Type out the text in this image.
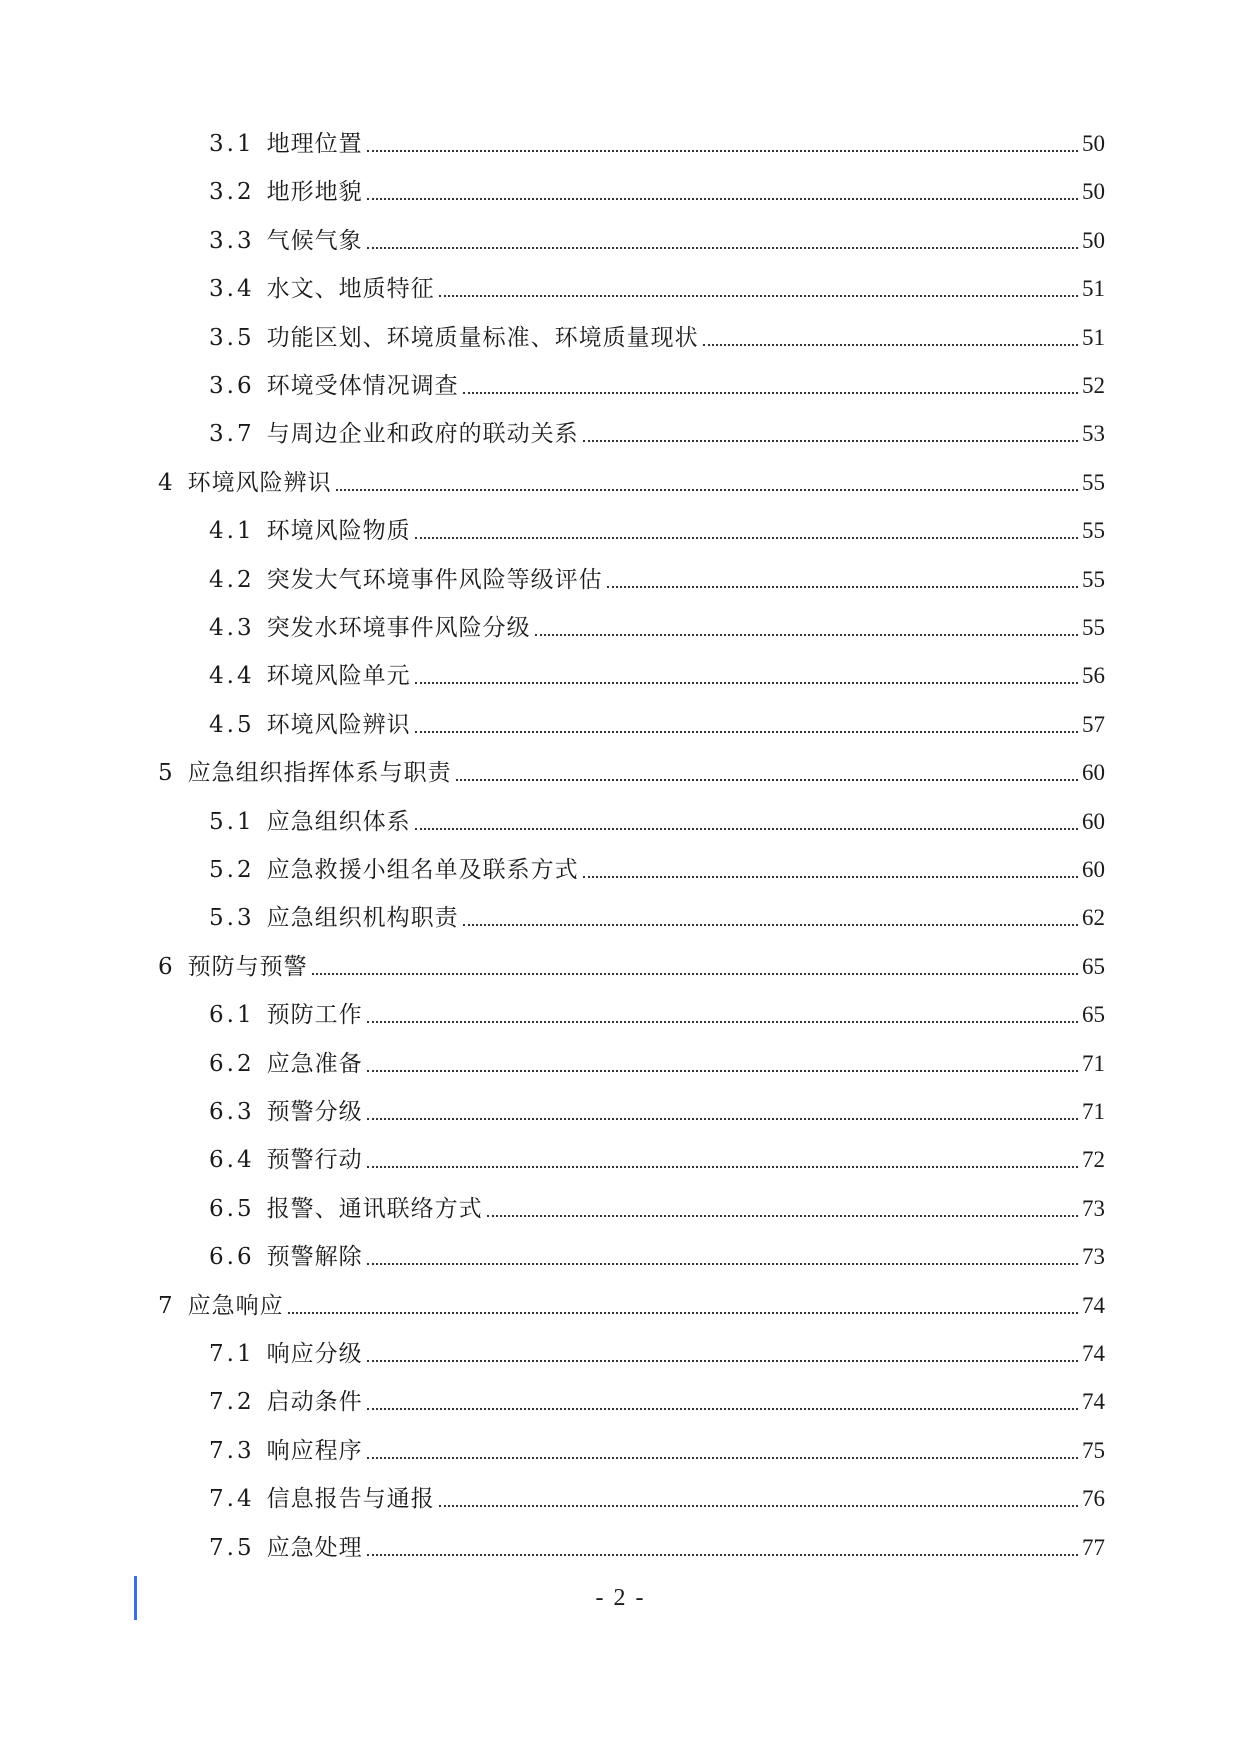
3.1 地理位置	50
3.2 地形地貌	50
3.3 气候气象	50
3.4 水文、地质特征	51
3.5 功能区划、环境质量标准、环境质量现状	51
3.6 环境受体情况调查	52
3.7 与周边企业和政府的联动关系	53
4 环境风险辨识	55
4.1 环境风险物质	55
4.2 突发大气环境事件风险等级评估	55
4.3 突发水环境事件风险分级	55
4.4 环境风险单元	56
4.5 环境风险辨识	57
5 应急组织指挥体系与职责	60
5.1 应急组织体系	60
5.2 应急救援小组名单及联系方式	60
5.3 应急组织机构职责	62
6 预防与预警	65
6.1 预防工作	65
6.2 应急准备	71
6.3 预警分级	71
6.4 预警行动	72
6.5 报警、通讯联络方式	73
6.6 预警解除	73
7 应急响应	74
7.1 响应分级	74
7.2 启动条件	74
7.3 响应程序	75
7.4 信息报告与通报	76
7.5 应急处理	77
- 2 -
